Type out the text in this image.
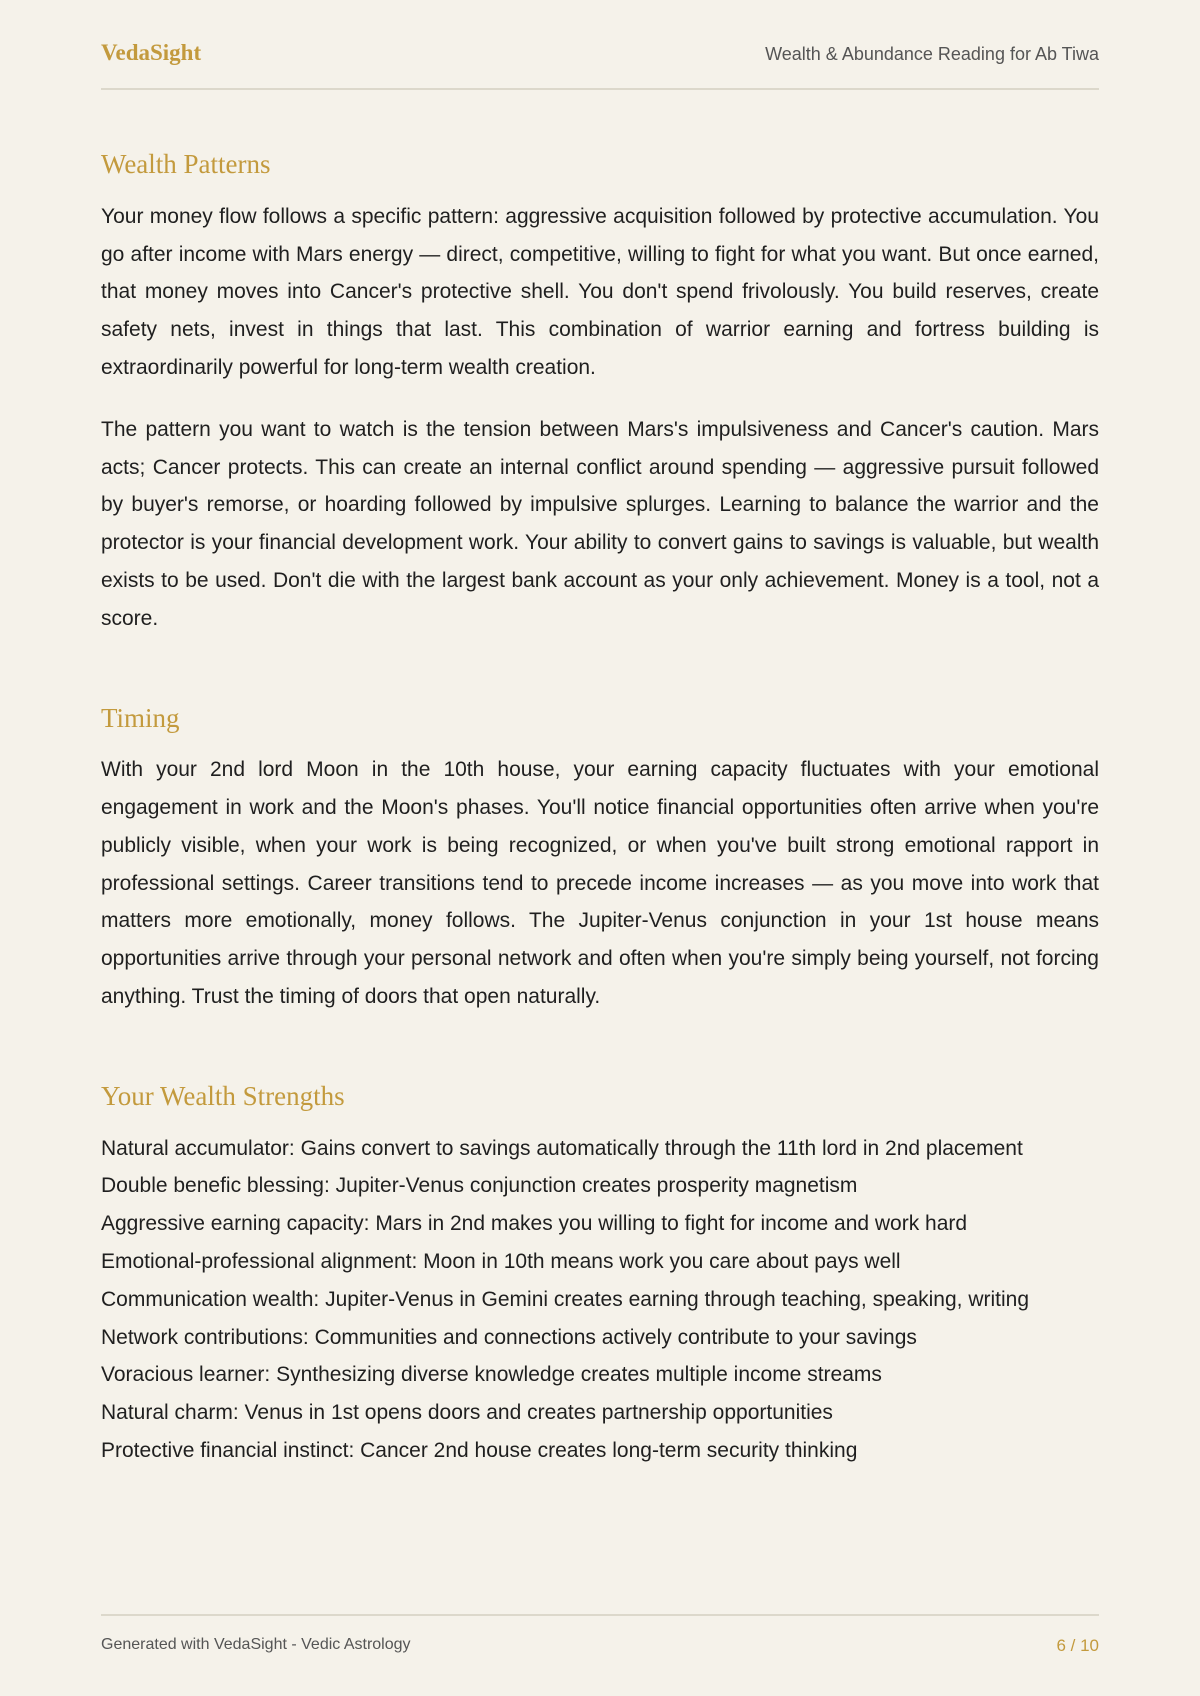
VedaSight	Wealth & Abundance Reading for Ab Tiwa
Wealth Patterns

Your money flow follows a specific pattern: aggressive acquisition followed by protective accumulation. You go after income with Mars energy — direct, competitive, willing to fight for what you want. But once earned, that money moves into Cancer's protective shell. You don't spend frivolously. You build reserves, create safety nets, invest in things that last. This combination of warrior earning and fortress building is extraordinarily powerful for long-term wealth creation.

The pattern you want to watch is the tension between Mars's impulsiveness and Cancer's caution. Mars acts; Cancer protects. This can create an internal conflict around spending — aggressive pursuit followed by buyer's remorse, or hoarding followed by impulsive splurges. Learning to balance the warrior and the protector is your financial development work. Your ability to convert gains to savings is valuable, but wealth exists to be used. Don't die with the largest bank account as your only achievement. Money is a tool, not a score.

Timing

With your 2nd lord Moon in the 10th house, your earning capacity fluctuates with your emotional engagement in work and the Moon's phases. You'll notice financial opportunities often arrive when you're publicly visible, when your work is being recognized, or when you've built strong emotional rapport in professional settings. Career transitions tend to precede income increases — as you move into work that matters more emotionally, money follows. The Jupiter-Venus conjunction in your 1st house means opportunities arrive through your personal network and often when you're simply being yourself, not forcing anything. Trust the timing of doors that open naturally.

Your Wealth Strengths
Natural accumulator: Gains convert to savings automatically through the 11th lord in 2nd placement
Double benefic blessing: Jupiter-Venus conjunction creates prosperity magnetism
Aggressive earning capacity: Mars in 2nd makes you willing to fight for income and work hard
Emotional-professional alignment: Moon in 10th means work you care about pays well
Communication wealth: Jupiter-Venus in Gemini creates earning through teaching, speaking, writing
Network contributions: Communities and connections actively contribute to your savings
Voracious learner: Synthesizing diverse knowledge creates multiple income streams
Natural charm: Venus in 1st opens doors and creates partnership opportunities
Protective financial instinct: Cancer 2nd house creates long-term security thinking
Generated with VedaSight - Vedic Astrology	6 / 10
